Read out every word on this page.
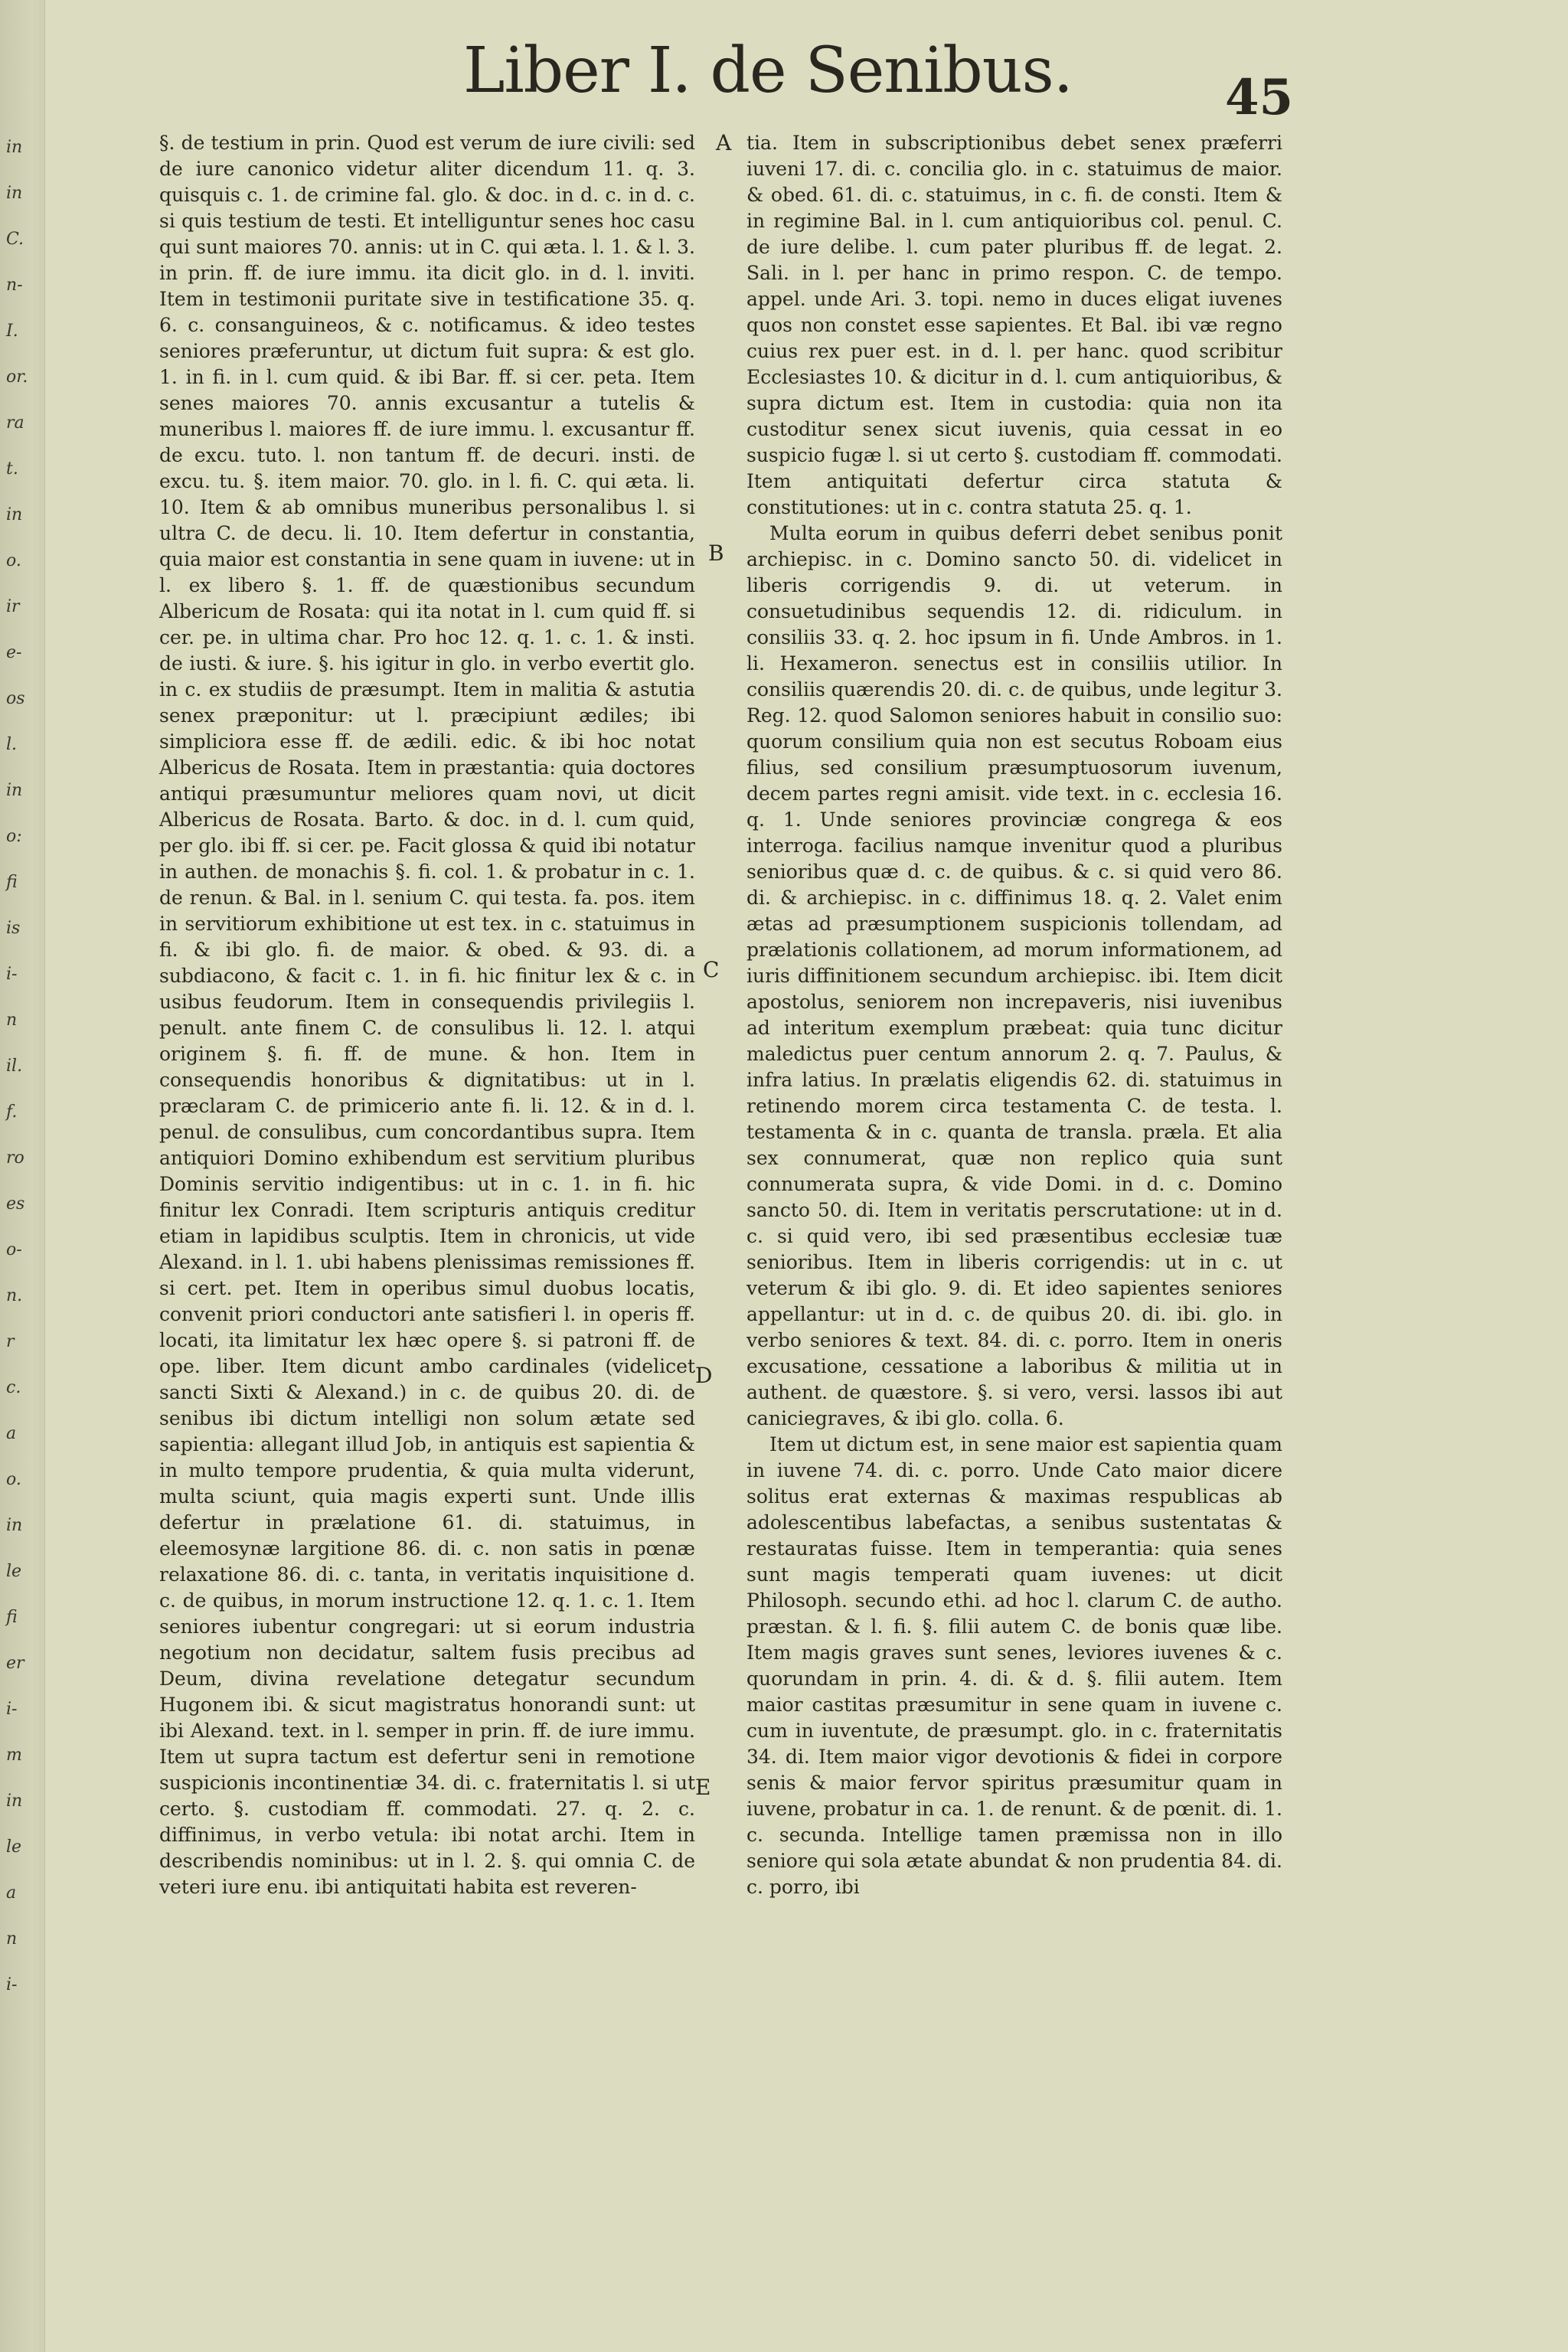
in
in
C.
n-
I.
or.
ra
t.
in
o.
ir
e-
os
l.
in
o:
fi
is
i-
n
il.
f.
ro
es
o-
n.
r
c.
a
o.
in
le
fi
er
i-
m
in
le
a
n
i-
Liber I. de Senibus.	45
A
B
C
D
E

§. de testium in prin. Quod est verum de iure civili: sed de iure canonico videtur aliter dicendum 11. q. 3. quisquis c. 1. de crimine fal. glo. & doc. in d. c. in d. c. si quis testium de testi. Et intelliguntur senes hoc casu qui sunt maiores 70. annis: ut in C. qui æta. l. 1. & l. 3. in prin. ff. de iure immu. ita dicit glo. in d. l. inviti. Item in testimonii puritate sive in testificatione 35. q. 6. c. consanguineos, & c. notificamus. & ideo testes seniores præferuntur, ut dictum fuit supra: & est glo. 1. in fi. in l. cum quid. & ibi Bar. ff. si cer. peta. Item senes maiores 70. annis excusantur a tutelis & muneribus l. maiores ff. de iure immu. l. excusantur ff. de excu. tuto. l. non tantum ff. de decuri. insti. de excu. tu. §. item maior. 70. glo. in l. fi. C. qui æta. li. 10. Item & ab omnibus muneribus personalibus l. si ultra C. de decu. li. 10. Item defertur in constantia, quia maior est constantia in sene quam in iuvene: ut in l. ex libero §. 1. ff. de quæstionibus secundum Albericum de Rosata: qui ita notat in l. cum quid ff. si cer. pe. in ultima char. Pro hoc 12. q. 1. c. 1. & insti. de iusti. & iure. §. his igitur in glo. in verbo evertit glo. in c. ex studiis de præsumpt. Item in malitia & astutia senex præponitur: ut l. præcipiunt ædiles; ibi simpliciora esse ff. de ædili. edic. & ibi hoc notat Albericus de Rosata. Item in præstantia: quia doctores antiqui præsumuntur meliores quam novi, ut dicit Albericus de Rosata. Barto. & doc. in d. l. cum quid, per glo. ibi ff. si cer. pe. Facit glossa & quid ibi notatur in authen. de monachis §. fi. col. 1. & probatur in c. 1. de renun. & Bal. in l. senium C. qui testa. fa. pos. item in servitiorum exhibitione ut est tex. in c. statuimus in fi. & ibi glo. fi. de maior. & obed. & 93. di. a subdiacono, & facit c. 1. in fi. hic finitur lex & c. in usibus feudorum. Item in consequendis privilegiis l. penult. ante finem C. de consulibus li. 12. l. atqui originem §. fi. ff. de mune. & hon. Item in consequendis honoribus & dignitatibus: ut in l. præclaram C. de primicerio ante fi. li. 12. & in d. l. penul. de consulibus, cum concordantibus supra. Item antiquiori Domino exhibendum est servitium pluribus Dominis servitio indigentibus: ut in c. 1. in fi. hic finitur lex Conradi. Item scripturis antiquis creditur etiam in lapidibus sculptis. Item in chronicis, ut vide Alexand. in l. 1. ubi habens plenissimas remissiones ff. si cert. pet. Item in operibus simul duobus locatis, convenit priori conductori ante satisfieri l. in operis ff. locati, ita limitatur lex hæc opere §. si patroni ff. de ope. liber. Item dicunt ambo cardinales (videlicet sancti Sixti & Alexand.) in c. de quibus 20. di. de senibus ibi dictum intelligi non solum ætate sed sapientia: allegant illud Job, in antiquis est sapientia & in multo tempore prudentia, & quia multa viderunt, multa sciunt, quia magis experti sunt. Unde illis defertur in prælatione 61. di. statuimus, in eleemosynæ largitione 86. di. c. non satis in pœnæ relaxatione 86. di. c. tanta, in veritatis inquisitione d. c. de quibus, in morum instructione 12. q. 1. c. 1. Item seniores iubentur congregari: ut si eorum industria negotium non decidatur, saltem fusis precibus ad Deum, divina revelatione detegatur secundum Hugonem ibi. & sicut magistratus honorandi sunt: ut ibi Alexand. text. in l. semper in prin. ff. de iure immu. Item ut supra tactum est defertur seni in remotione suspicionis incontinentiæ 34. di. c. fraternitatis l. si ut certo. §. custodiam ff. commodati. 27. q. 2. c. diffinimus, in verbo vetula: ibi notat archi. Item in describendis nominibus: ut in l. 2. §. qui omnia C. de veteri iure enu. ibi antiquitati habita est reveren-

tia. Item in subscriptionibus debet senex præferri iuveni 17. di. c. concilia glo. in c. statuimus de maior. & obed. 61. di. c. statuimus, in c. fi. de consti. Item & in regimine Bal. in l. cum antiquioribus col. penul. C. de iure delibe. l. cum pater pluribus ff. de legat. 2. Sali. in l. per hanc in primo respon. C. de tempo. appel. unde Ari. 3. topi. nemo in duces eligat iuvenes quos non constet esse sapientes. Et Bal. ibi væ regno cuius rex puer est. in d. l. per hanc. quod scribitur Ecclesiastes 10. & dicitur in d. l. cum antiquioribus, & supra dictum est. Item in custodia: quia non ita custoditur senex sicut iuvenis, quia cessat in eo suspicio fugæ l. si ut certo §. custodiam ff. commodati. Item antiquitati defertur circa statuta & constitutiones: ut in c. contra statuta 25. q. 1.

Multa eorum in quibus deferri debet senibus ponit archiepisc. in c. Domino sancto 50. di. videlicet in liberis corrigendis 9. di. ut veterum. in consuetudinibus sequendis 12. di. ridiculum. in consiliis 33. q. 2. hoc ipsum in fi. Unde Ambros. in 1. li. Hexameron. senectus est in consiliis utilior. In consiliis quærendis 20. di. c. de quibus, unde legitur 3. Reg. 12. quod Salomon seniores habuit in consilio suo: quorum consilium quia non est secutus Roboam eius filius, sed consilium præsumptuosorum iuvenum, decem partes regni amisit. vide text. in c. ecclesia 16. q. 1. Unde seniores provinciæ congrega & eos interroga. facilius namque invenitur quod a pluribus senioribus quæ d. c. de quibus. & c. si quid vero 86. di. & archiepisc. in c. diffinimus 18. q. 2. Valet enim ætas ad præsumptionem suspicionis tollendam, ad prælationis collationem, ad morum informationem, ad iuris diffinitionem secundum archiepisc. ibi. Item dicit apostolus, seniorem non increpaveris, nisi iuvenibus ad interitum exemplum præbeat: quia tunc dicitur maledictus puer centum annorum 2. q. 7. Paulus, & infra latius. In prælatis eligendis 62. di. statuimus in retinendo morem circa testamenta C. de testa. l. testamenta & in c. quanta de transla. præla. Et alia sex connumerat, quæ non replico quia sunt connumerata supra, & vide Domi. in d. c. Domino sancto 50. di. Item in veritatis perscrutatione: ut in d. c. si quid vero, ibi sed præsentibus ecclesiæ tuæ senioribus. Item in liberis corrigendis: ut in c. ut veterum & ibi glo. 9. di. Et ideo sapientes seniores appellantur: ut in d. c. de quibus 20. di. ibi. glo. in verbo seniores & text. 84. di. c. porro. Item in oneris excusatione, cessatione a laboribus & militia ut in authent. de quæstore. §. si vero, versi. lassos ibi aut caniciegraves, & ibi glo. colla. 6.

Item ut dictum est, in sene maior est sapientia quam in iuvene 74. di. c. porro. Unde Cato maior dicere solitus erat externas & maximas respublicas ab adolescentibus labefactas, a senibus sustentatas & restauratas fuisse. Item in temperantia: quia senes sunt magis temperati quam iuvenes: ut dicit Philosoph. secundo ethi. ad hoc l. clarum C. de autho. præstan. & l. fi. §. filii autem C. de bonis quæ libe. Item magis graves sunt senes, leviores iuvenes & c. quorundam in prin. 4. di. & d. §. filii autem. Item maior castitas præsumitur in sene quam in iuvene c. cum in iuventute, de præsumpt. glo. in c. fraternitatis 34. di. Item maior vigor devotionis & fidei in corpore senis & maior fervor spiritus præsumitur quam in iuvene, probatur in ca. 1. de renunt. & de pœnit. di. 1. c. secunda. Intellige tamen præmissa non in illo seniore qui sola ætate abundat & non prudentia 84. di. c. porro, ibi
